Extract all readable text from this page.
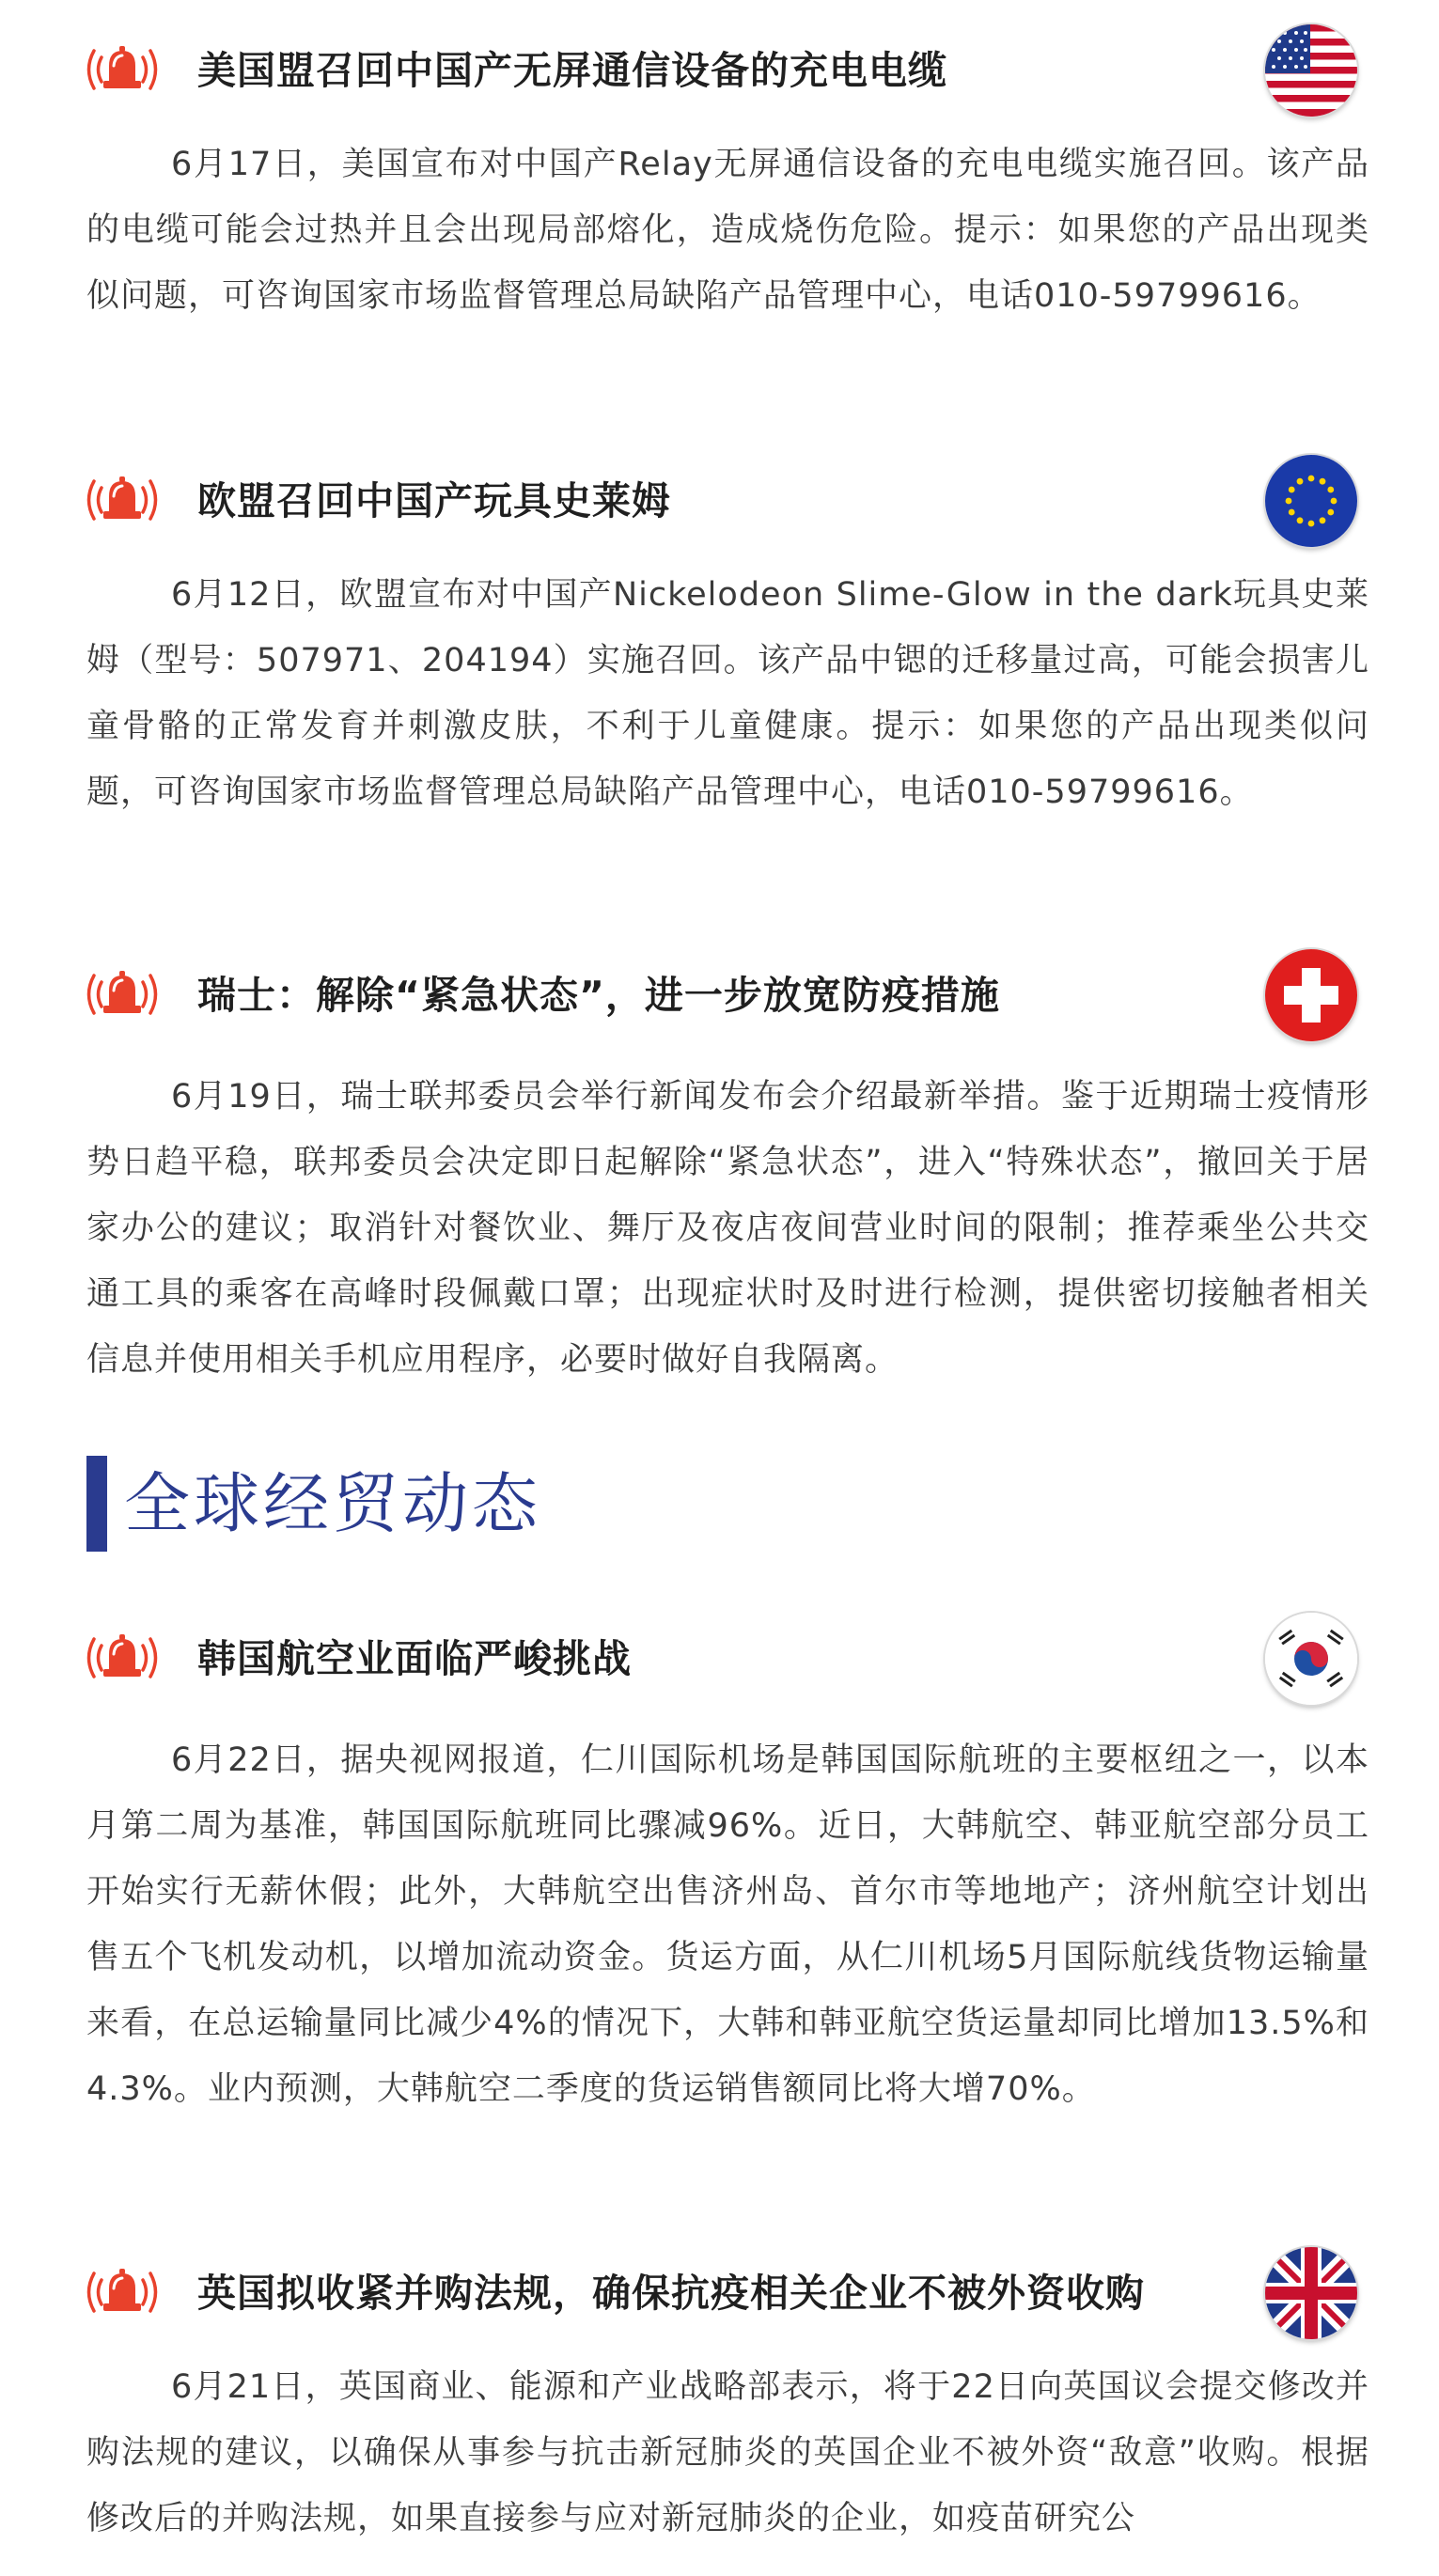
美国盟召回中国产无屏通信设备的充电电缆

6月17日，美国宣布对中国产Relay无屏通信设备的充电电缆实施召回。该产品的电缆可能会过热并且会出现局部熔化，造成烧伤危险。提示：如果您的产品出现类似问题，可咨询国家市场监督管理总局缺陷产品管理中心，电话010-59799616。

欧盟召回中国产玩具史莱姆

6月12日，欧盟宣布对中国产Nickelodeon Slime-Glow in the dark玩具史莱姆（型号：507971、204194）实施召回。该产品中锶的迁移量过高，可能会损害儿童骨骼的正常发育并刺激皮肤，不利于儿童健康。提示：如果您的产品出现类似问题，可咨询国家市场监督管理总局缺陷产品管理中心，电话010-59799616。

瑞士：解除“紧急状态”，进一步放宽防疫措施

6月19日，瑞士联邦委员会举行新闻发布会介绍最新举措。鉴于近期瑞士疫情形势日趋平稳，联邦委员会决定即日起解除“紧急状态”，进入“特殊状态”，撤回关于居家办公的建议；取消针对餐饮业、舞厅及夜店夜间营业时间的限制；推荐乘坐公共交通工具的乘客在高峰时段佩戴口罩；出现症状时及时进行检测，提供密切接触者相关信息并使用相关手机应用程序，必要时做好自我隔离。

全球经贸动态
韩国航空业面临严峻挑战

6月22日，据央视网报道，仁川国际机场是韩国国际航班的主要枢纽之一，以本月第二周为基准，韩国国际航班同比骤减96%。近日，大韩航空、韩亚航空部分员工开始实行无薪休假；此外，大韩航空出售济州岛、首尔市等地地产；济州航空计划出售五个飞机发动机，以增加流动资金。货运方面，从仁川机场5月国际航线货物运输量来看，在总运输量同比减少4%的情况下，大韩和韩亚航空货运量却同比增加13.5%和4.3%。业内预测，大韩航空二季度的货运销售额同比将大增70%。

英国拟收紧并购法规，确保抗疫相关企业不被外资收购

6月21日，英国商业、能源和产业战略部表示，将于22日向英国议会提交修改并购法规的建议，以确保从事参与抗击新冠肺炎的英国企业不被外资“敌意”收购。根据修改后的并购法规，如果直接参与应对新冠肺炎的企业，如疫苗研究公
